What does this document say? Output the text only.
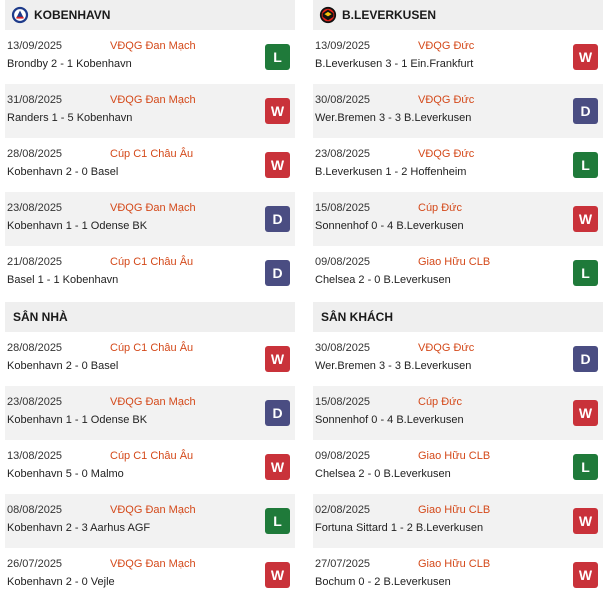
KOBENHAVN
13/09/2025	VĐQG Đan Mạch
Brondby 2 - 1 Kobenhavn	L
31/08/2025	VĐQG Đan Mạch
Randers 1 - 5 Kobenhavn	W
28/08/2025	Cúp C1 Châu Âu
Kobenhavn 2 - 0 Basel	W
23/08/2025	VĐQG Đan Mạch
Kobenhavn 1 - 1 Odense BK	D
21/08/2025	Cúp C1 Châu Âu
Basel 1 - 1 Kobenhavn	D
SÂN NHÀ
28/08/2025	Cúp C1 Châu Âu
Kobenhavn 2 - 0 Basel	W
23/08/2025	VĐQG Đan Mạch
Kobenhavn 1 - 1 Odense BK	D
13/08/2025	Cúp C1 Châu Âu
Kobenhavn 5 - 0 Malmo	W
08/08/2025	VĐQG Đan Mạch
Kobenhavn 2 - 3 Aarhus AGF	L
26/07/2025	VĐQG Đan Mạch
Kobenhavn 2 - 0 Vejle	W
B.LEVERKUSEN
13/09/2025	VĐQG Đức
B.Leverkusen 3 - 1 Ein.Frankfurt	W
30/08/2025	VĐQG Đức
Wer.Bremen 3 - 3 B.Leverkusen	D
23/08/2025	VĐQG Đức
B.Leverkusen 1 - 2 Hoffenheim	L
15/08/2025	Cúp Đức
Sonnenhof 0 - 4 B.Leverkusen	W
09/08/2025	Giao Hữu CLB
Chelsea 2 - 0 B.Leverkusen	L
SÂN KHÁCH
30/08/2025	VĐQG Đức
Wer.Bremen 3 - 3 B.Leverkusen	D
15/08/2025	Cúp Đức
Sonnenhof 0 - 4 B.Leverkusen	W
09/08/2025	Giao Hữu CLB
Chelsea 2 - 0 B.Leverkusen	L
02/08/2025	Giao Hữu CLB
Fortuna Sittard 1 - 2 B.Leverkusen	W
27/07/2025	Giao Hữu CLB
Bochum 0 - 2 B.Leverkusen	W
